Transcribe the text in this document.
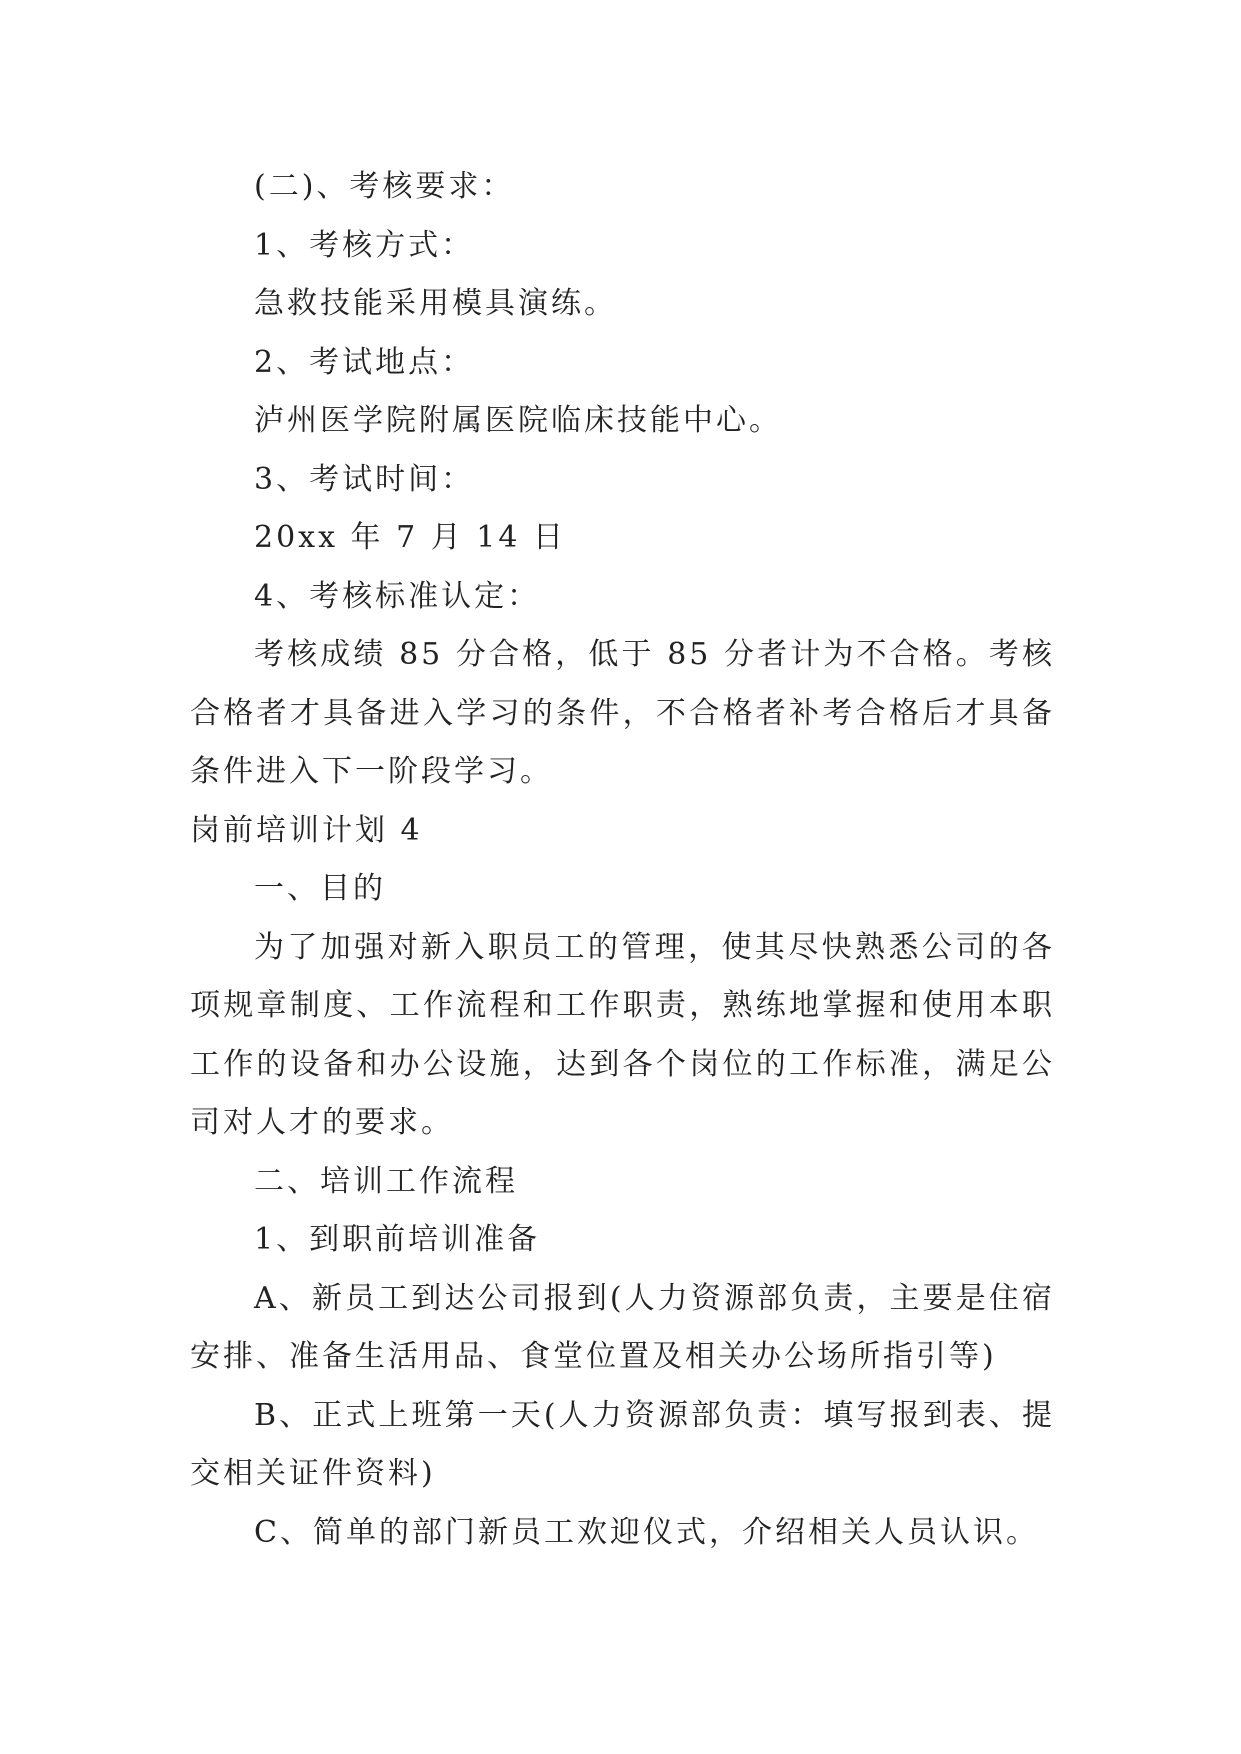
(二)、考核要求：

1、考核方式：

急救技能采用模具演练。

2、考试地点：

泸州医学院附属医院临床技能中心。

3、考试时间：

20xx 年 7 月 14 日

4、考核标准认定：

考核成绩 85 分合格，低于 85 分者计为不合格。考核合格者才具备进入学习的条件，不合格者补考合格后才具备条件进入下一阶段学习。

岗前培训计划 4

一、目的

为了加强对新入职员工的管理，使其尽快熟悉公司的各项规章制度、工作流程和工作职责，熟练地掌握和使用本职工作的设备和办公设施，达到各个岗位的工作标准，满足公司对人才的要求。

二、培训工作流程

1、到职前培训准备

A、新员工到达公司报到(人力资源部负责，主要是住宿安排、准备生活用品、食堂位置及相关办公场所指引等)

B、正式上班第一天(人力资源部负责：填写报到表、提交相关证件资料)

C、简单的部门新员工欢迎仪式，介绍相关人员认识。
